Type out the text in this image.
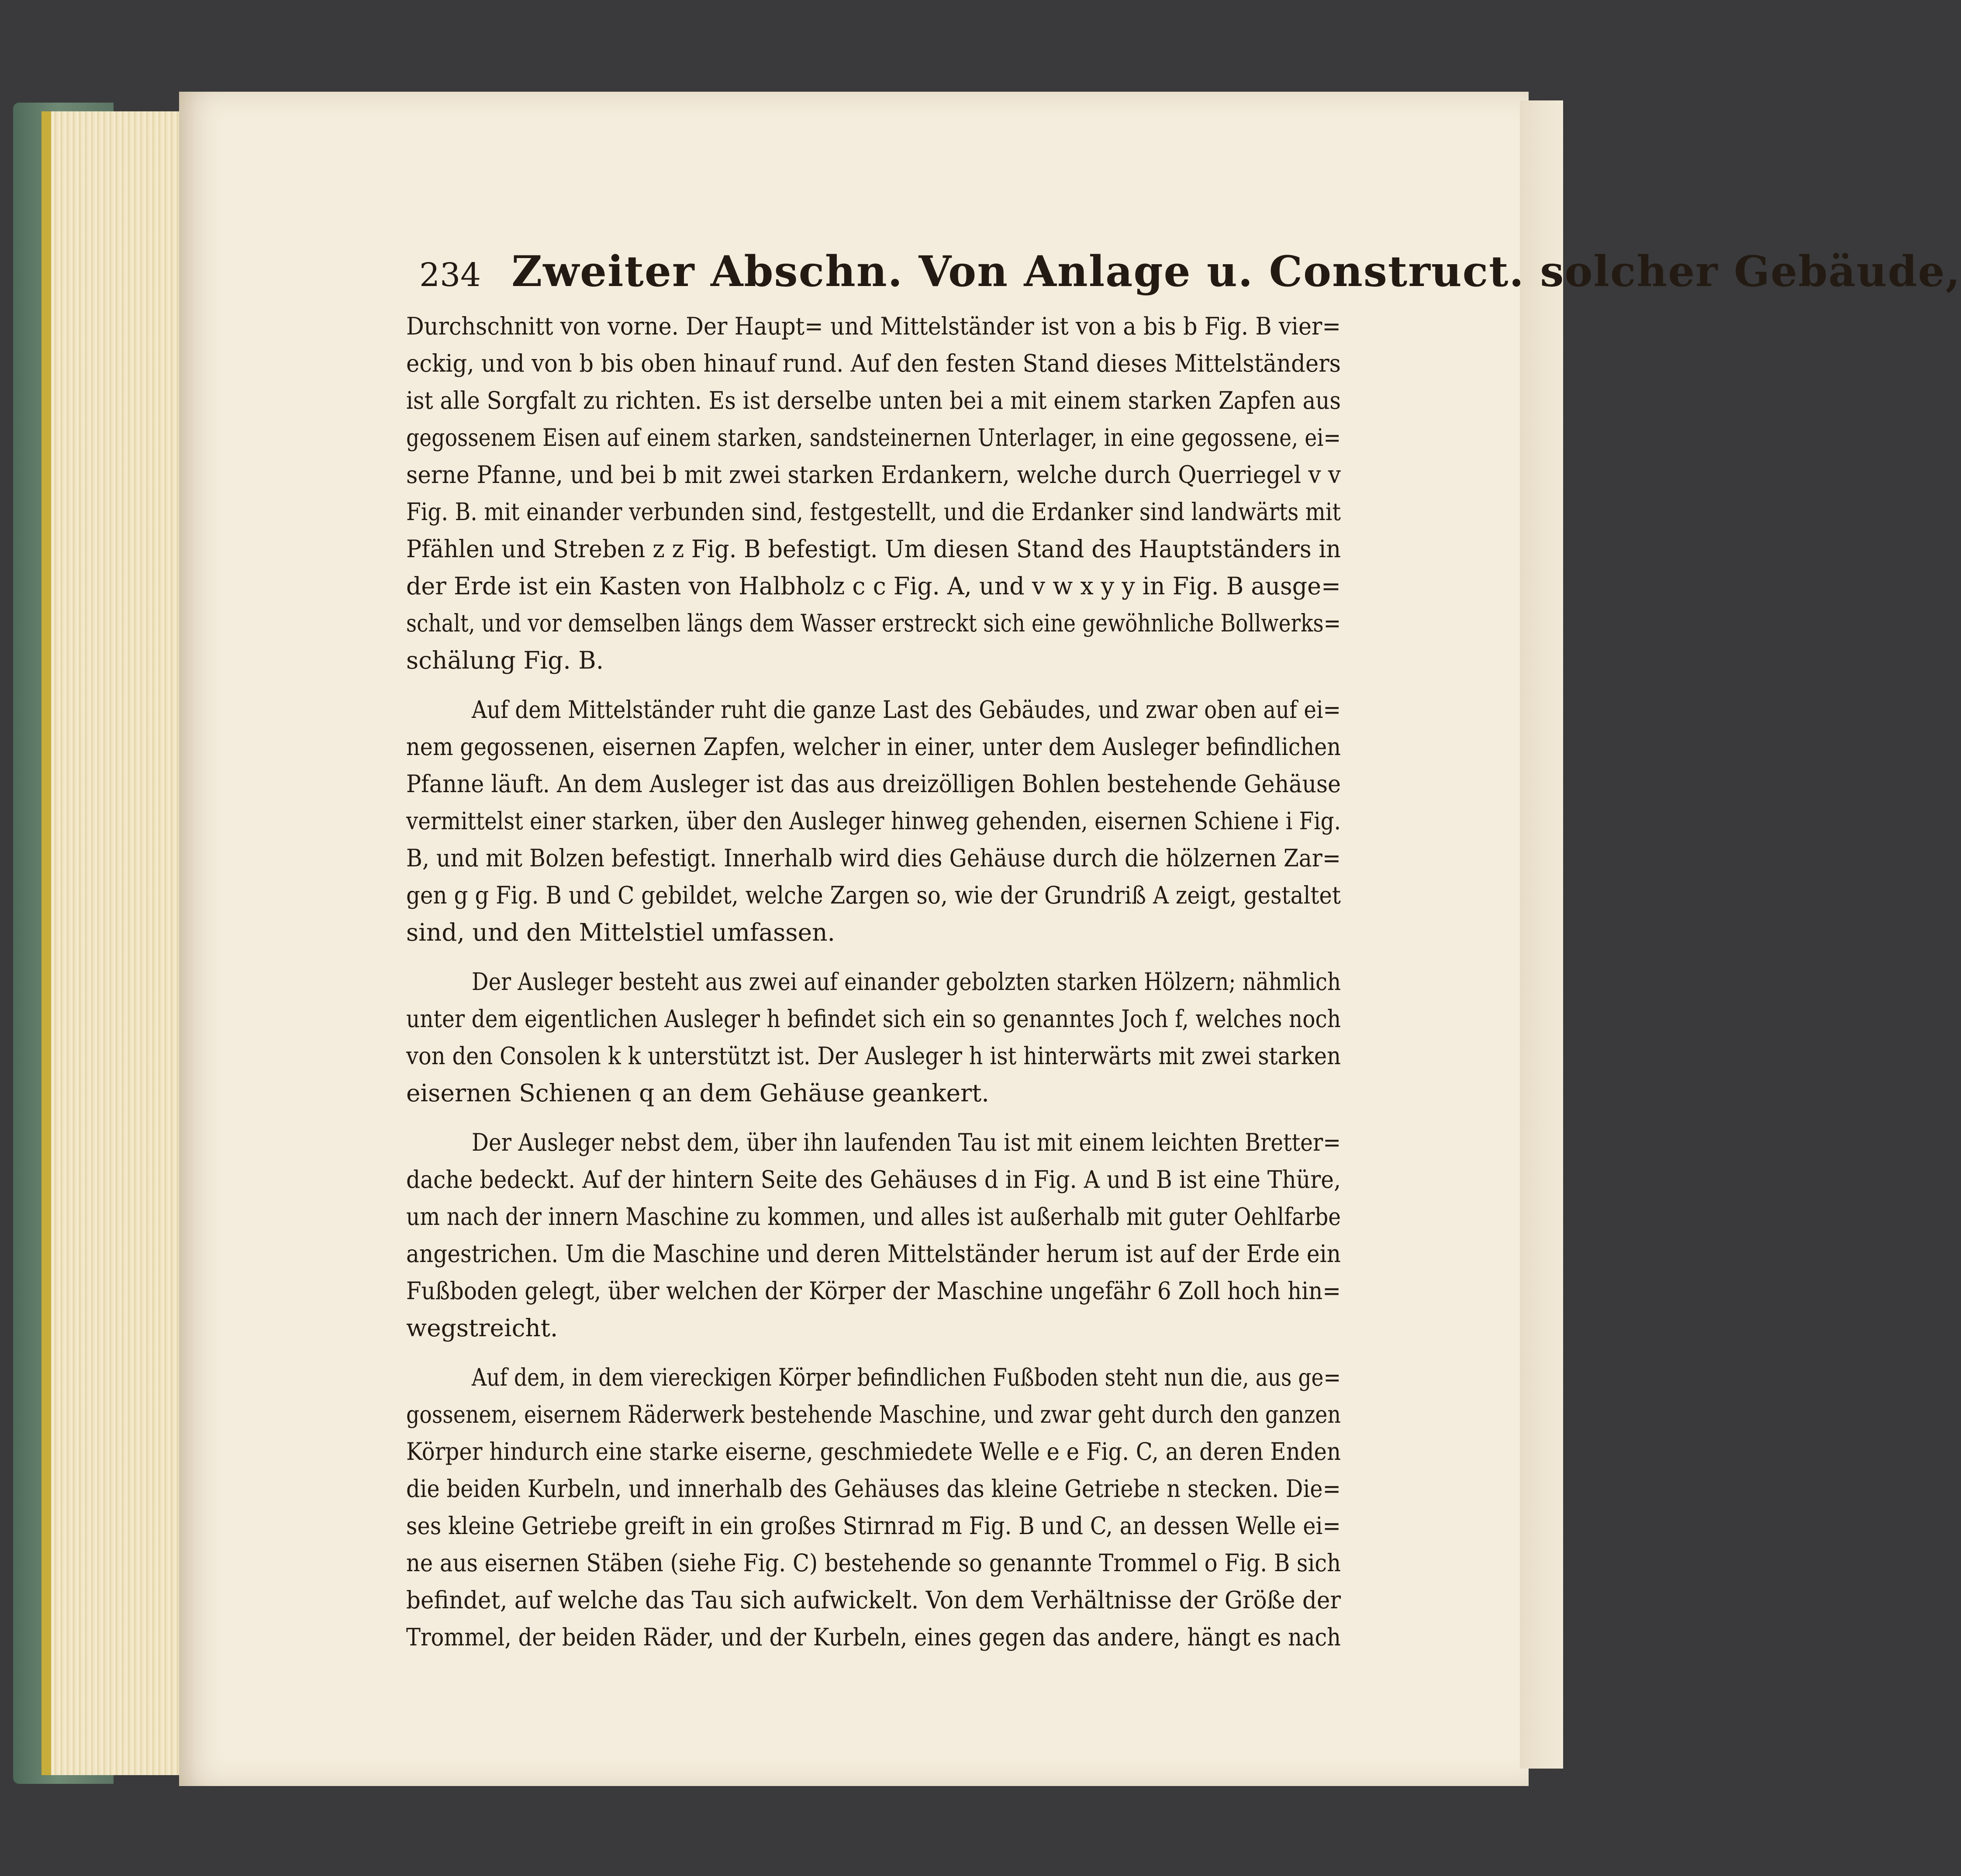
234 Zweiter Abschn. Von Anlage u. Construct. solcher Gebäude,
Durchschnitt von vorne. Der Haupt= und Mittelständer ist von a bis b Fig. B vier=
eckig, und von b bis oben hinauf rund. Auf den festen Stand dieses Mittelständers
ist alle Sorgfalt zu richten. Es ist derselbe unten bei a mit einem starken Zapfen aus
gegossenem Eisen auf einem starken, sandsteinernen Unterlager, in eine gegossene, ei=
serne Pfanne, und bei b mit zwei starken Erdankern, welche durch Querriegel v v
Fig. B. mit einander verbunden sind, festgestellt, und die Erdanker sind landwärts mit
Pfählen und Streben z z Fig. B befestigt. Um diesen Stand des Hauptständers in
der Erde ist ein Kasten von Halbholz c c Fig. A, und v w x y y in Fig. B ausge=
schalt, und vor demselben längs dem Wasser erstreckt sich eine gewöhnliche Bollwerks=
schälung Fig. B.
Auf dem Mittelständer ruht die ganze Last des Gebäudes, und zwar oben auf ei=
nem gegossenen, eisernen Zapfen, welcher in einer, unter dem Ausleger befindlichen
Pfanne läuft. An dem Ausleger ist das aus dreizölligen Bohlen bestehende Gehäuse
vermittelst einer starken, über den Ausleger hinweg gehenden, eisernen Schiene i Fig.
B, und mit Bolzen befestigt. Innerhalb wird dies Gehäuse durch die hölzernen Zar=
gen g g Fig. B und C gebildet, welche Zargen so, wie der Grundriß A zeigt, gestaltet
sind, und den Mittelstiel umfassen.
Der Ausleger besteht aus zwei auf einander gebolzten starken Hölzern; nähmlich
unter dem eigentlichen Ausleger h befindet sich ein so genanntes Joch f, welches noch
von den Consolen k k unterstützt ist. Der Ausleger h ist hinterwärts mit zwei starken
eisernen Schienen q an dem Gehäuse geankert.
Der Ausleger nebst dem, über ihn laufenden Tau ist mit einem leichten Bretter=
dache bedeckt. Auf der hintern Seite des Gehäuses d in Fig. A und B ist eine Thüre,
um nach der innern Maschine zu kommen, und alles ist außerhalb mit guter Oehlfarbe
angestrichen. Um die Maschine und deren Mittelständer herum ist auf der Erde ein
Fußboden gelegt, über welchen der Körper der Maschine ungefähr 6 Zoll hoch hin=
wegstreicht.
Auf dem, in dem viereckigen Körper befindlichen Fußboden steht nun die, aus ge=
gossenem, eisernem Räderwerk bestehende Maschine, und zwar geht durch den ganzen
Körper hindurch eine starke eiserne, geschmiedete Welle e e Fig. C, an deren Enden
die beiden Kurbeln, und innerhalb des Gehäuses das kleine Getriebe n stecken. Die=
ses kleine Getriebe greift in ein großes Stirnrad m Fig. B und C, an dessen Welle ei=
ne aus eisernen Stäben (siehe Fig. C) bestehende so genannte Trommel o Fig. B sich
befindet, auf welche das Tau sich aufwickelt. Von dem Verhältnisse der Größe der
Trommel, der beiden Räder, und der Kurbeln, eines gegen das andere, hängt es nach
